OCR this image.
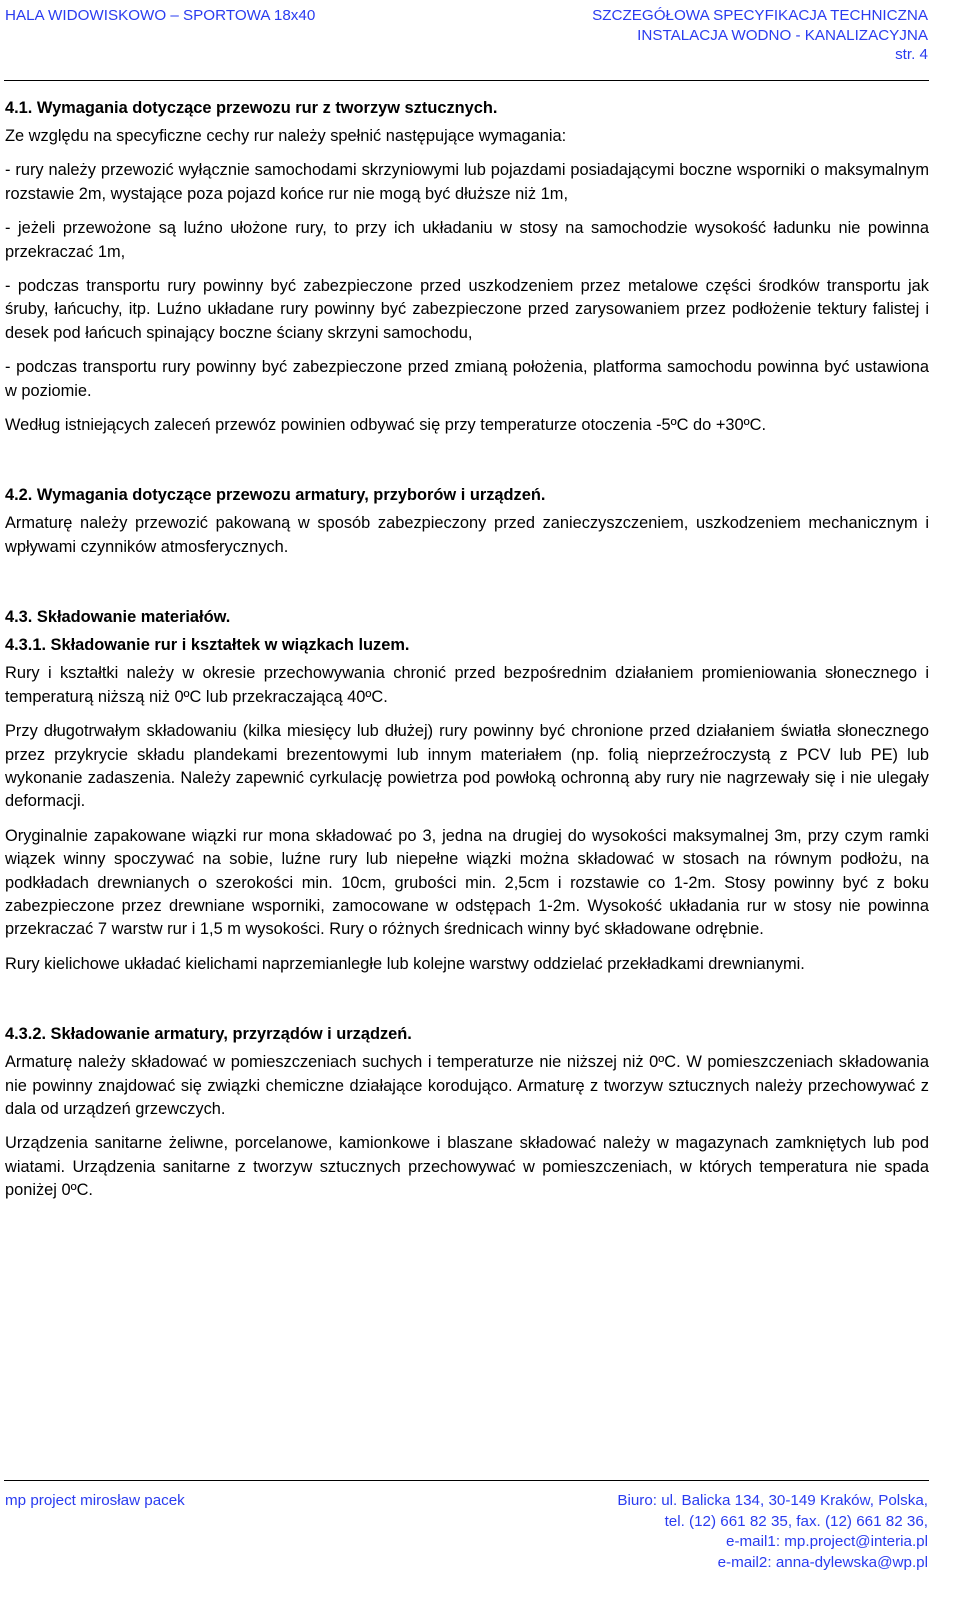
HALA WIDOWISKOWO – SPORTOWA 18x40	SZCZEGÓŁOWA SPECYFIKACJA TECHNICZNA
INSTALACJA WODNO - KANALIZACYJNA
str. 4
4.1. Wymagania dotyczące przewozu rur z tworzyw sztucznych.

Ze względu na specyficzne cechy rur należy spełnić następujące wymagania:

- rury należy przewozić wyłącznie samochodami skrzyniowymi lub pojazdami posiadającymi boczne wsporniki o maksymalnym rozstawie 2m, wystające poza pojazd końce rur nie mogą być dłuższe niż 1m,

- jeżeli przewożone są luźno ułożone rury, to przy ich układaniu w stosy na samochodzie wysokość ładunku nie powinna przekraczać 1m,

- podczas transportu rury powinny być zabezpieczone przed uszkodzeniem przez metalowe części środków transportu jak śruby, łańcuchy, itp. Luźno układane rury powinny być zabezpieczone przed zarysowaniem przez podłożenie tektury falistej i desek pod łańcuch spinający boczne ściany skrzyni samochodu,

- podczas transportu rury powinny być zabezpieczone przed zmianą położenia, platforma samochodu powinna być ustawiona w poziomie.

Według istniejących zaleceń przewóz powinien odbywać się przy temperaturze otoczenia -5ºC do +30ºC.

4.2. Wymagania dotyczące przewozu armatury, przyborów i urządzeń.

Armaturę należy przewozić pakowaną w sposób zabezpieczony przed zanieczyszczeniem, uszkodzeniem mechanicznym i wpływami czynników atmosferycznych.

4.3. Składowanie materiałów.
4.3.1. Składowanie rur i kształtek w wiązkach luzem.

Rury i kształtki należy w okresie przechowywania chronić przed bezpośrednim działaniem promieniowania słonecznego i temperaturą niższą niż 0ºC lub przekraczającą 40ºC.

Przy długotrwałym składowaniu (kilka miesięcy lub dłużej) rury powinny być chronione przed działaniem światła słonecznego przez przykrycie składu plandekami brezentowymi lub innym materiałem (np. folią nieprzeźroczystą z PCV lub PE) lub wykonanie zadaszenia. Należy zapewnić cyrkulację powietrza pod powłoką ochronną aby rury nie nagrzewały się i nie ulegały deformacji.

Oryginalnie zapakowane wiązki rur mona składować po 3, jedna na drugiej do wysokości maksymalnej 3m, przy czym ramki wiązek winny spoczywać na sobie, luźne rury lub niepełne wiązki można składować w stosach na równym podłożu, na podkładach drewnianych o szerokości min. 10cm, grubości min. 2,5cm i rozstawie co 1-2m. Stosy powinny być z boku zabezpieczone przez drewniane wsporniki, zamocowane w odstępach 1-2m. Wysokość układania rur w stosy nie powinna przekraczać 7 warstw rur i 1,5 m wysokości. Rury o różnych średnicach winny być składowane odrębnie.

Rury kielichowe układać kielichami naprzemianległe lub kolejne warstwy oddzielać przekładkami drewnianymi.

4.3.2. Składowanie armatury, przyrządów i urządzeń.

Armaturę należy składować w pomieszczeniach suchych i temperaturze nie niższej niż 0ºC. W pomieszczeniach składowania nie powinny znajdować się związki chemiczne działające korodująco. Armaturę z tworzyw sztucznych należy przechowywać z dala od urządzeń grzewczych.

Urządzenia sanitarne żeliwne, porcelanowe, kamionkowe i blaszane składować należy w magazynach zamkniętych lub pod wiatami. Urządzenia sanitarne z tworzyw sztucznych przechowywać w pomieszczeniach, w których temperatura nie spada poniżej 0ºC.

mp project mirosław pacek	Biuro: ul. Balicka 134, 30-149 Kraków, Polska,
tel. (12) 661 82 35, fax. (12) 661 82 36,
e-mail1: mp.project@interia.pl
e-mail2: anna-dylewska@wp.pl
